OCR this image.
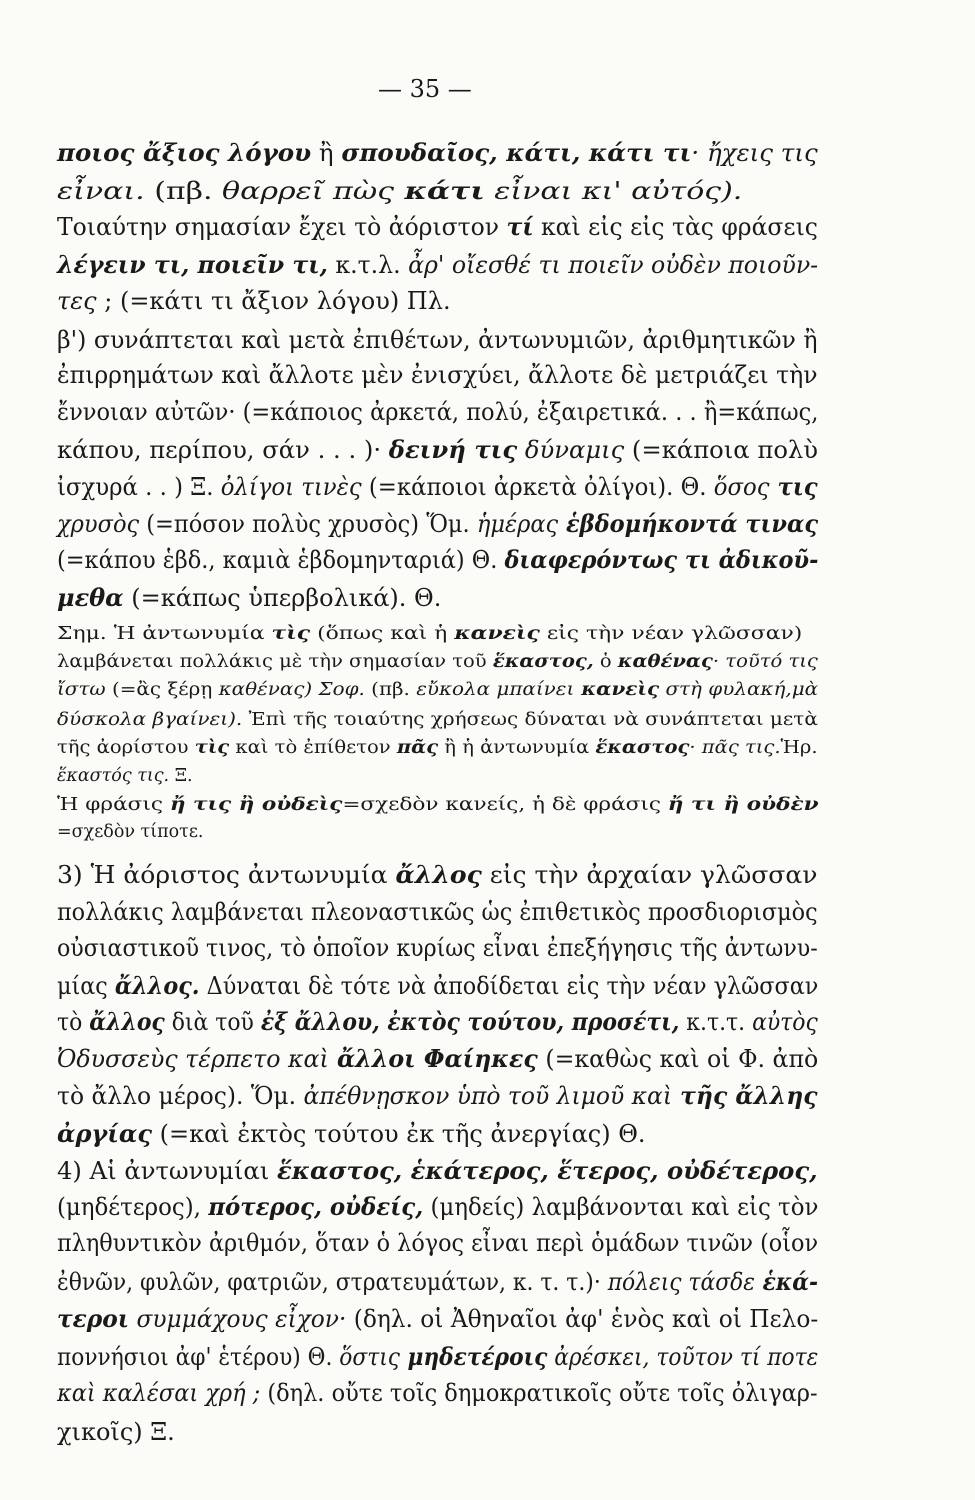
— 35 —
ποιος ἄξιος λόγου ἢ σπουδαῖος, κάτι, κάτι τι· ἤχεις τις
εἶναι. (πβ. θαρρεῖ πὼς κάτι εἶναι κι' αὐτός).
Τοιαύτην σημασίαν ἔχει τὸ ἀόριστον τί καὶ εἰς εἰς τὰς φράσεις
λέγειν τι, ποιεῖν τι, κ.τ.λ. ἆρ' οἴεσθέ τι ποιεῖν οὐδὲν ποιοῦν-
τες ; (=κάτι τι ἄξιον λόγου) Πλ.
β') συνάπτεται καὶ μετὰ ἐπιθέτων, ἀντωνυμιῶν, ἀριθμητικῶν ἢ
ἐπιρρημάτων καὶ ἄλλοτε μὲν ἐνισχύει, ἄλλοτε δὲ μετριάζει τὴν
ἔννοιαν αὐτῶν· (=κάποιος ἀρκετά, πολύ, ἐξαιρετικά. . . ἢ=κάπως,
κάπου, περίπου, σάν . . . )· δεινή τις δύναμις (=κάποια πολὺ
ἰσχυρά . . ) Ξ. ὀλίγοι τινὲς (=κάποιοι ἀρκετὰ ὀλίγοι). Θ. ὅσος τις
χρυσὸς (=πόσον πολὺς χρυσὸς) Ὅμ. ἡμέρας ἑβδομήκοντά τινας
(=κάπου ἑβδ., καμιὰ ἑβδομηνταριά) Θ. διαφερόντως τι ἀδικοῦ-
μεθα (=κάπως ὑπερβολικά). Θ.
Σημ. Ἡ ἀντωνυμία τὶς (ὅπως καὶ ἡ κανεὶς εἰς τὴν νέαν γλῶσσαν)
λαμβάνεται πολλάκις μὲ τὴν σημασίαν τοῦ ἕκαστος, ὁ καθένας· τοῦτό τις
ἴστω (=ἂς ξέρῃ καθένας) Σοφ. (πβ. εὔκολα μπαίνει κανεὶς στὴ φυλακή,μὰ
δύσκολα βγαίνει). Ἐπὶ τῆς τοιαύτης χρήσεως δύναται νὰ συνάπτεται μετὰ
τῆς ἀορίστου τὶς καὶ τὸ ἐπίθετον πᾶς ἢ ἡ ἀντωνυμία ἕκαστος· πᾶς τις.Ἡρ.
ἕκαστός τις. Ξ.
Ἡ φράσις ἤ τις ἢ οὐδεὶς=σχεδὸν κανείς, ἡ δὲ φράσις ἤ τι ἢ οὐδὲν
=σχεδὸν τίποτε.
3) Ἡ ἀόριστος ἀντωνυμία ἄλλος εἰς τὴν ἀρχαίαν γλῶσσαν
πολλάκις λαμβάνεται πλεοναστικῶς ὡς ἐπιθετικὸς προσδιορισμὸς
οὐσιαστικοῦ τινος, τὸ ὁποῖον κυρίως εἶναι ἐπεξήγησις τῆς ἀντωνυ-
μίας ἄλλος. Δύναται δὲ τότε νὰ ἀποδίδεται εἰς τὴν νέαν γλῶσσαν
τὸ ἄλλος διὰ τοῦ ἐξ ἄλλου, ἐκτὸς τούτου, προσέτι, κ.τ.τ. αὐτὸς
Ὀδυσσεὺς τέρπετο καὶ ἄλλοι Φαίηκες (=καθὼς καὶ οἱ Φ. ἀπὸ
τὸ ἄλλο μέρος). Ὅμ. ἀπέθνῃσκον ὑπὸ τοῦ λιμοῦ καὶ τῆς ἄλλης
ἀργίας (=καὶ ἐκτὸς τούτου ἐκ τῆς ἀνεργίας) Θ.
4) Αἱ ἀντωνυμίαι ἕκαστος, ἑκάτερος, ἕτερος, οὐδέτερος,
(μηδέτερος), πότερος, οὐδείς, (μηδείς) λαμβάνονται καὶ εἰς τὸν
πληθυντικὸν ἀριθμόν, ὅταν ὁ λόγος εἶναι περὶ ὁμάδων τινῶν (οἷον
ἐθνῶν, φυλῶν, φατριῶν, στρατευμάτων, κ. τ. τ.)· πόλεις τάσδε ἑκά-
τεροι συμμάχους εἶχον· (δηλ. οἱ Ἀθηναῖοι ἀφ' ἑνὸς καὶ οἱ Πελο-
ποννήσιοι ἀφ' ἑτέρου) Θ. ὅστις μηδετέροις ἀρέσκει, τοῦτον τί ποτε
καὶ καλέσαι χρή ; (δηλ. οὔτε τοῖς δημοκρατικοῖς οὔτε τοῖς ὀλιγαρ-
χικοῖς) Ξ.
